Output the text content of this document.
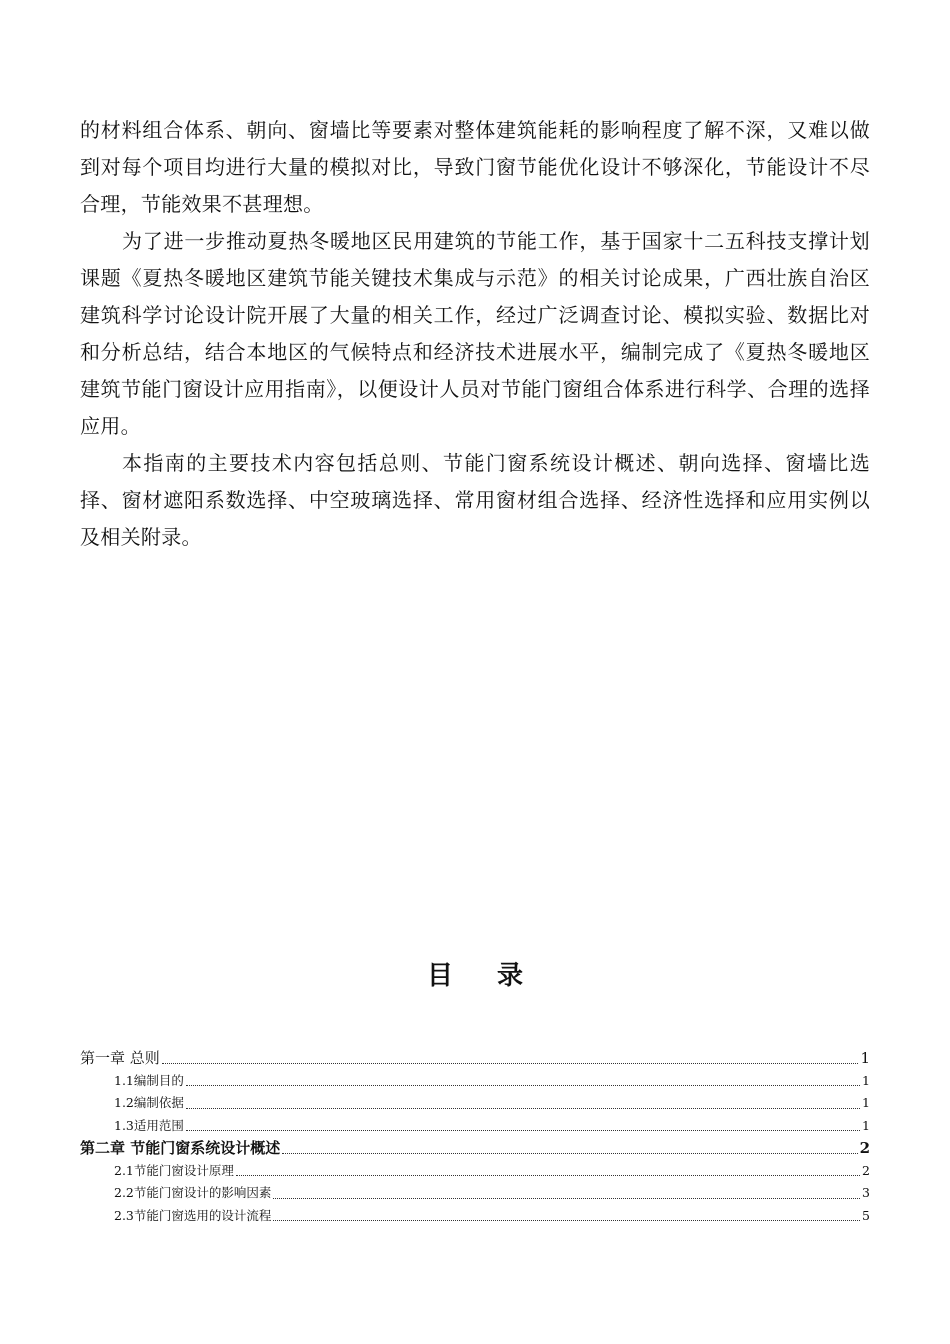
的材料组合体系、朝向、窗墙比等要素对整体建筑能耗的影响程度了解不深，又难以做到对每个项目均进行大量的模拟对比，导致门窗节能优化设计不够深化，节能设计不尽合理，节能效果不甚理想。

为了进一步推动夏热冬暖地区民用建筑的节能工作，基于国家十二五科技支撑计划课题《夏热冬暖地区建筑节能关键技术集成与示范》的相关讨论成果，广西壮族自治区建筑科学讨论设计院开展了大量的相关工作，经过广泛调查讨论、模拟实验、数据比对和分析总结，结合本地区的气候特点和经济技术进展水平，编制完成了《夏热冬暖地区建筑节能门窗设计应用指南》，以便设计人员对节能门窗组合体系进行科学、合理的选择应用。

本指南的主要技术内容包括总则、节能门窗系统设计概述、朝向选择、窗墙比选择、窗材遮阳系数选择、中空玻璃选择、常用窗材组合选择、经济性选择和应用实例以及相关附录。

目录
第一章 总则	1
1.1编制目的	1
1.2编制依据	1
1.3适用范围	1
第二章 节能门窗系统设计概述	2
2.1节能门窗设计原理	2
2.2节能门窗设计的影响因素	3
2.3节能门窗选用的设计流程	5
